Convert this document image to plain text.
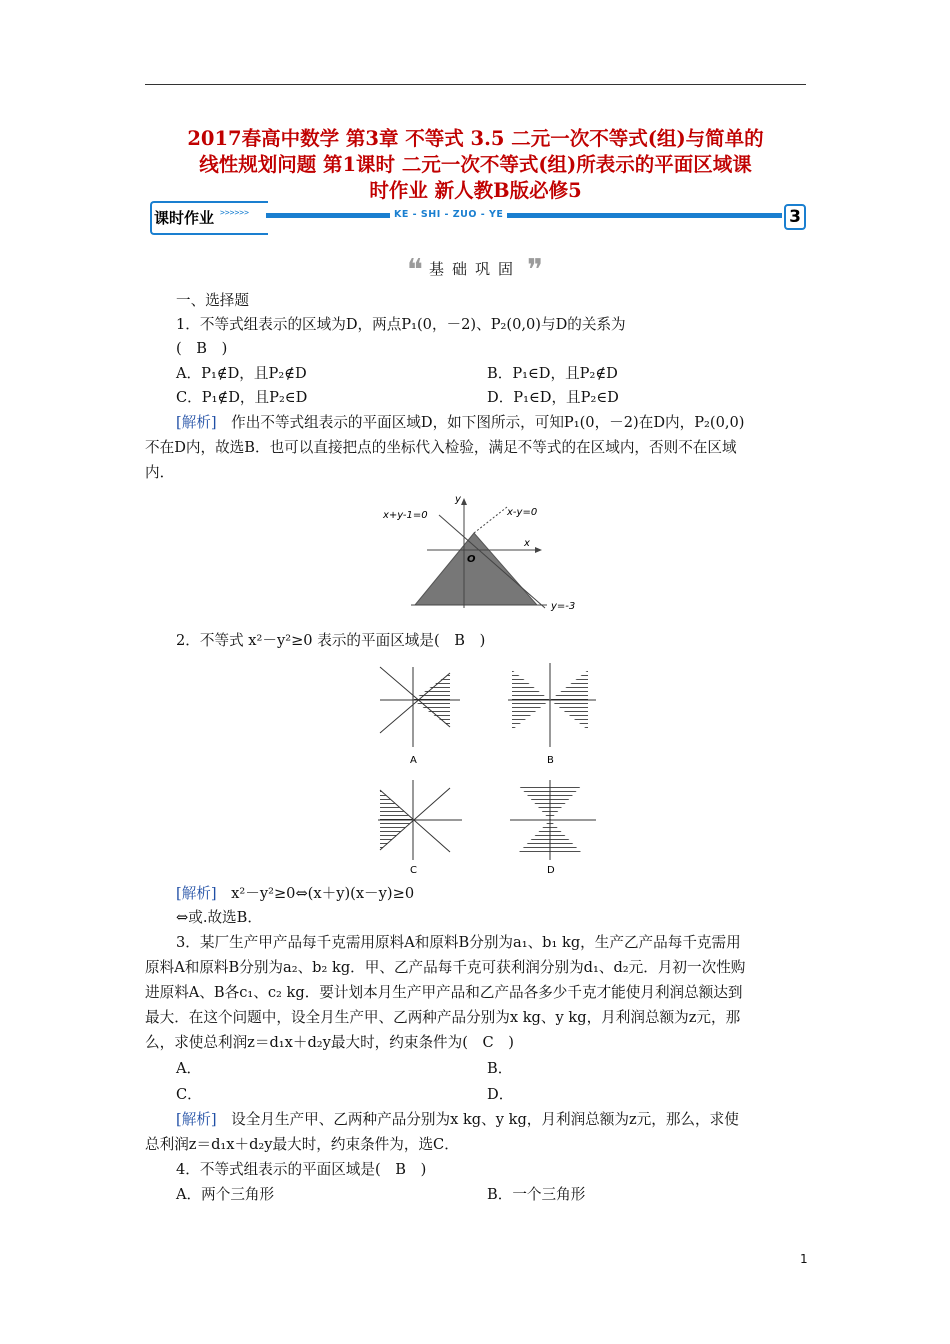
2017春高中数学 第3章 不等式 3.5 二元一次不等式(组)与简单的
线性规划问题 第1课时 二元一次不等式(组)所表示的平面区域课
时作业 新人教B版必修5
课时作业 >>>>>>	KE - SHI - ZUO - YE	3
❝ 基础巩固 ❞
一、选择题
1．不等式组表示的区域为D，两点P₁(0，－2)、P₂(0,0)与D的关系为
(　B　)
A．P₁∉D，且P₂∉D	B．P₁∈D，且P₂∉D
C．P₁∉D，且P₂∈D	D．P₁∈D，且P₂∈D
[解析]　作出不等式组表示的平面区域D，如下图所示，可知P₁(0，－2)在D内，P₂(0,0)
不在D内，故选B．也可以直接把点的坐标代入检验，满足不等式的在区域内，否则不在区域
内．
x+y-1=0	x-y=0
y=-3
x
y
O
2．不等式 x²－y²≥0 表示的平面区域是(　B　)
A	B
C	D
[解析]　x²－y²≥0⇔(x＋y)(x－y)≥0
⇔或.故选B．
3．某厂生产甲产品每千克需用原料A和原料B分别为a₁、b₁ kg，生产乙产品每千克需用
原料A和原料B分别为a₂、b₂ kg．甲、乙产品每千克可获利润分别为d₁、d₂元．月初一次性购
进原料A、B各c₁、c₂ kg．要计划本月生产甲产品和乙产品各多少千克才能使月利润总额达到
最大．在这个问题中，设全月生产甲、乙两种产品分别为x kg、y kg，月利润总额为z元，那
么，求使总利润z＝d₁x＋d₂y最大时，约束条件为(　C　)
A．	B．
C．	D．
[解析]　设全月生产甲、乙两种产品分别为x kg、y kg，月利润总额为z元，那么，求使
总利润z＝d₁x＋d₂y最大时，约束条件为，选C．
4．不等式组表示的平面区域是(　B　)
A．两个三角形	B．一个三角形
1
